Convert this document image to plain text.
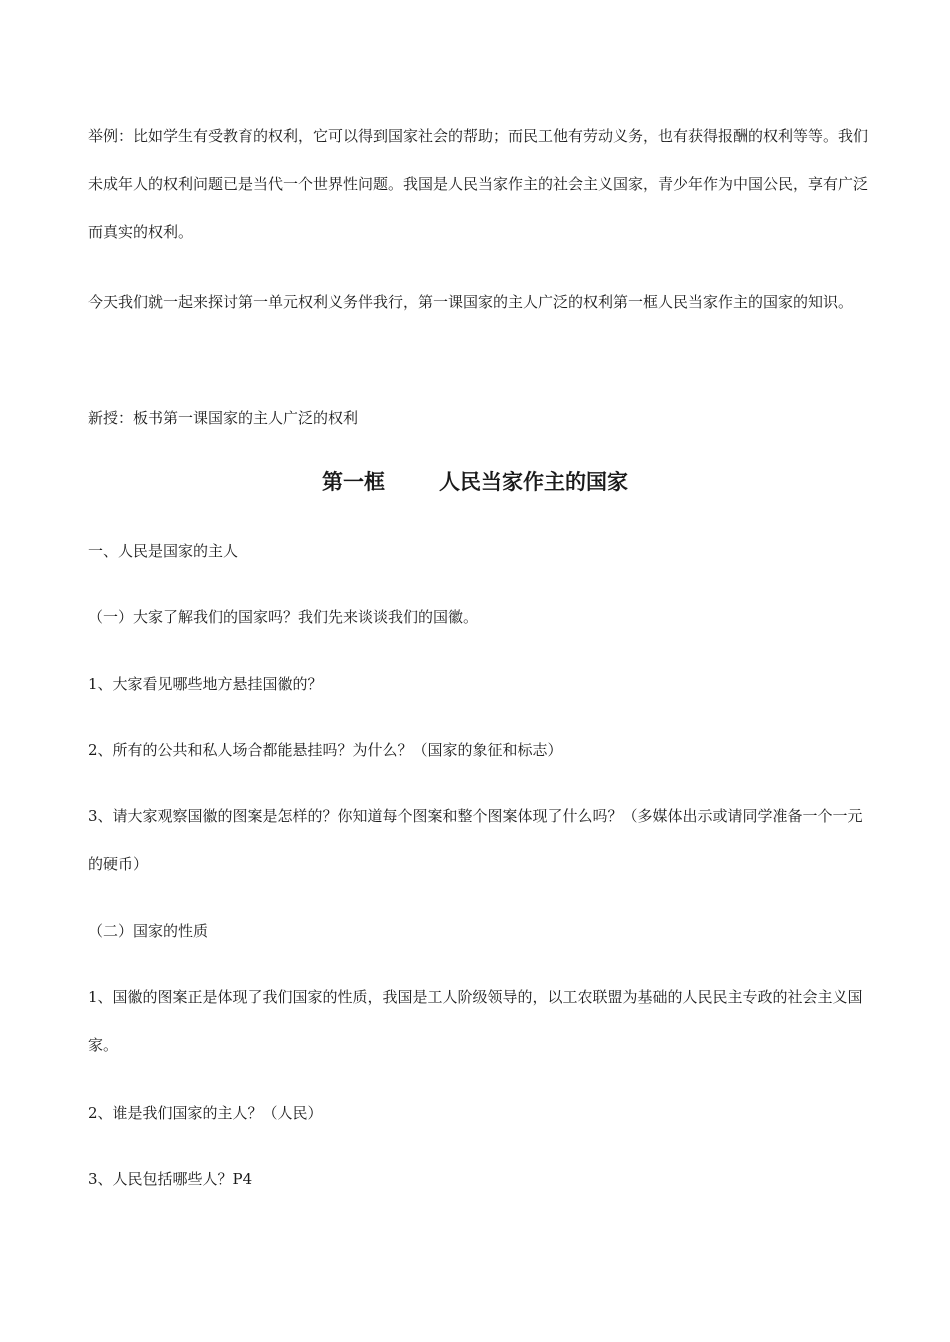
举例：比如学生有受教育的权利，它可以得到国家社会的帮助；而民工他有劳动义务，也有获得报酬的权利等等。我们未成年人的权利问题已是当代一个世界性问题。我国是人民当家作主的社会主义国家，青少年作为中国公民，享有广泛而真实的权利。

今天我们就一起来探讨第一单元权利义务伴我行，第一课国家的主人广泛的权利第一框人民当家作主的国家的知识。

新授：板书第一课国家的主人广泛的权利

第一框	人民当家作主的国家

一、人民是国家的主人

（一）大家了解我们的国家吗？我们先来谈谈我们的国徽。

1、大家看见哪些地方悬挂国徽的？

2、所有的公共和私人场合都能悬挂吗？为什么？（国家的象征和标志）

3、请大家观察国徽的图案是怎样的？你知道每个图案和整个图案体现了什么吗？（多媒体出示或请同学准备一个一元的硬币）

（二）国家的性质

1、国徽的图案正是体现了我们国家的性质，我国是工人阶级领导的，以工农联盟为基础的人民民主专政的社会主义国家。

2、谁是我们国家的主人？（人民）

3、人民包括哪些人？P4
